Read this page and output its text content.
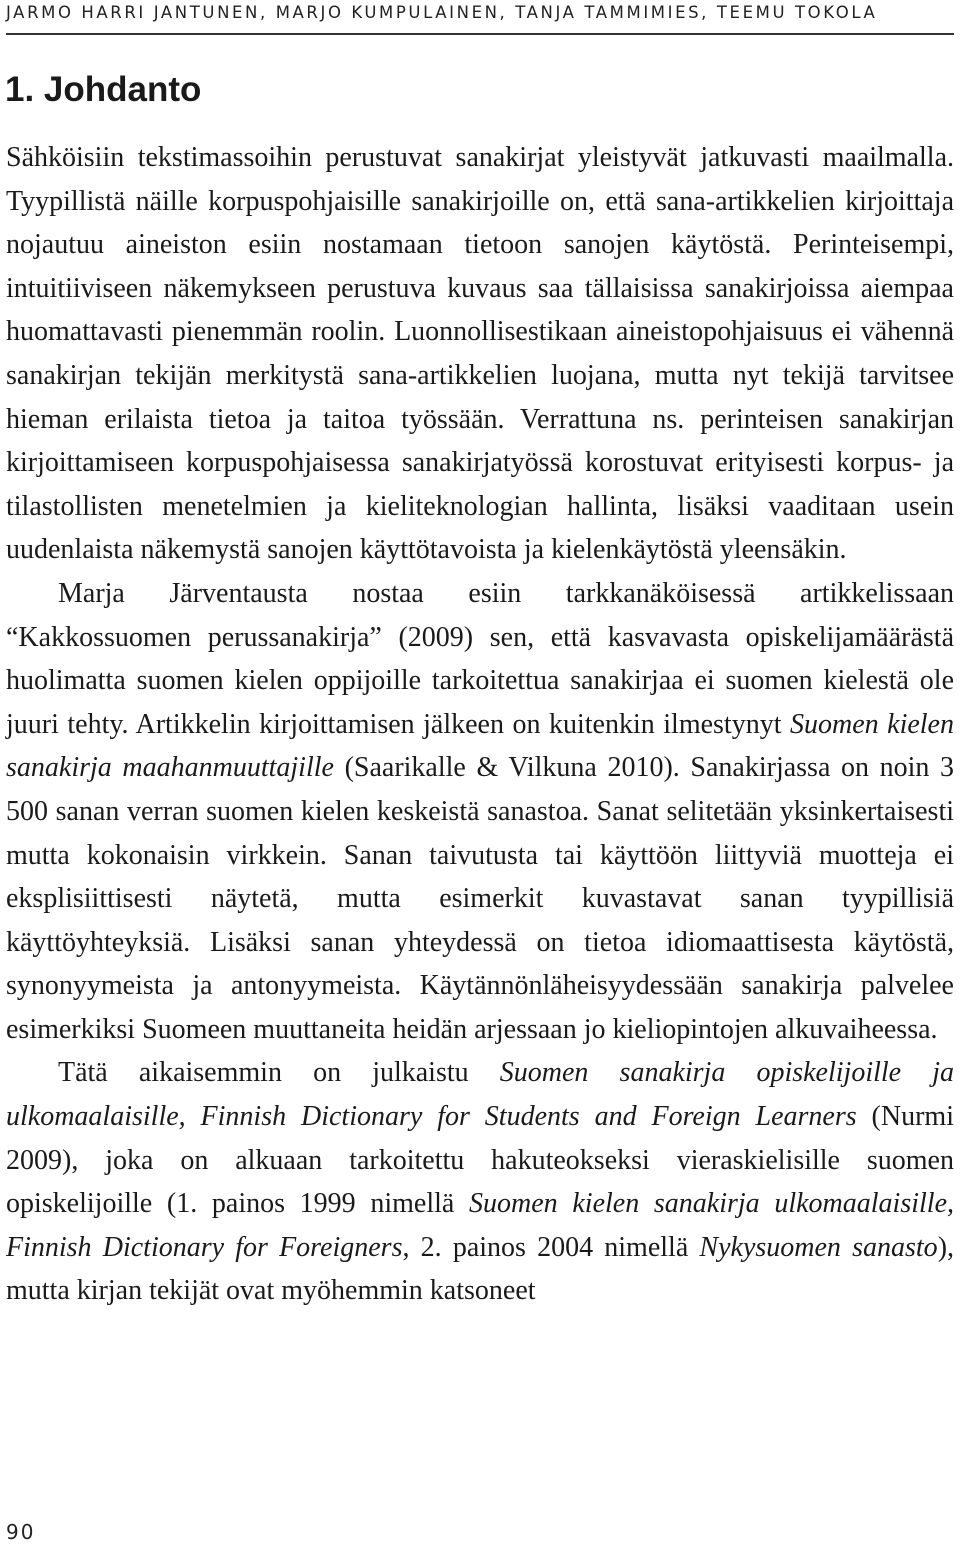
JARMO HARRI JANTUNEN, MARJO KUMPULAINEN, TANJA TAMMIMIES, TEEMU TOKOLA
1. Johdanto

Sähköisiin tekstimassoihin perustuvat sanakirjat yleistyvät jatkuvasti maailmalla. Tyypillistä näille korpuspohjaisille sanakirjoille on, että sana-artikkelien kirjoittaja nojautuu aineiston esiin nostamaan tietoon sanojen käytöstä. Perinteisempi, intuitiiviseen näkemykseen perustuva kuvaus saa tällaisissa sanakirjoissa aiempaa huomattavasti pienemmän roolin. Luonnollisestikaan aineistopohjaisuus ei vähennä sanakirjan tekijän merkitystä sana-artikkelien luojana, mutta nyt tekijä tarvitsee hieman erilaista tietoa ja taitoa työssään. Verrattuna ns. perinteisen sanakirjan kirjoittamiseen korpuspohjaisessa sanakirjatyössä korostuvat erityisesti korpus- ja tilastollisten menetelmien ja kieliteknologian hallinta, lisäksi vaaditaan usein uudenlaista näkemystä sanojen käyttötavoista ja kielenkäytöstä yleensäkin.

Marja Järventausta nostaa esiin tarkkanäköisessä artikkelissaan “Kakkossuomen perussanakirja” (2009) sen, että kasvavasta opiskelijamäärästä huolimatta suomen kielen oppijoille tarkoitettua sanakirjaa ei suomen kielestä ole juuri tehty. Artikkelin kirjoittamisen jälkeen on kuitenkin ilmestynyt Suomen kielen sanakirja maahanmuuttajille (Saarikalle & Vilkuna 2010). Sanakirjassa on noin 3 500 sanan verran suomen kielen keskeistä sanastoa. Sanat selitetään yksinkertaisesti mutta kokonaisin virkkein. Sanan taivutusta tai käyttöön liittyviä muotteja ei eksplisiittisesti näytetä, mutta esimerkit kuvastavat sanan tyypillisiä käyttöyhteyksiä. Lisäksi sanan yhteydessä on tietoa idiomaattisesta käytöstä, synonyymeista ja antonyymeista. Käytännönläheisyydessään sanakirja palvelee esimerkiksi Suomeen muuttaneita heidän arjessaan jo kieliopintojen alkuvaiheessa.

Tätä aikaisemmin on julkaistu Suomen sanakirja opiskelijoille ja ulkomaalaisille, Finnish Dictionary for Students and Foreign Learners (Nurmi 2009), joka on alkuaan tarkoitettu hakuteokseksi vieraskielisille suomen opiskelijoille (1. painos 1999 nimellä Suomen kielen sanakirja ulkomaalaisille, Finnish Dictionary for Foreigners, 2. painos 2004 nimellä Nykysuomen sanasto), mutta kirjan tekijät ovat myöhemmin katsoneet

90
